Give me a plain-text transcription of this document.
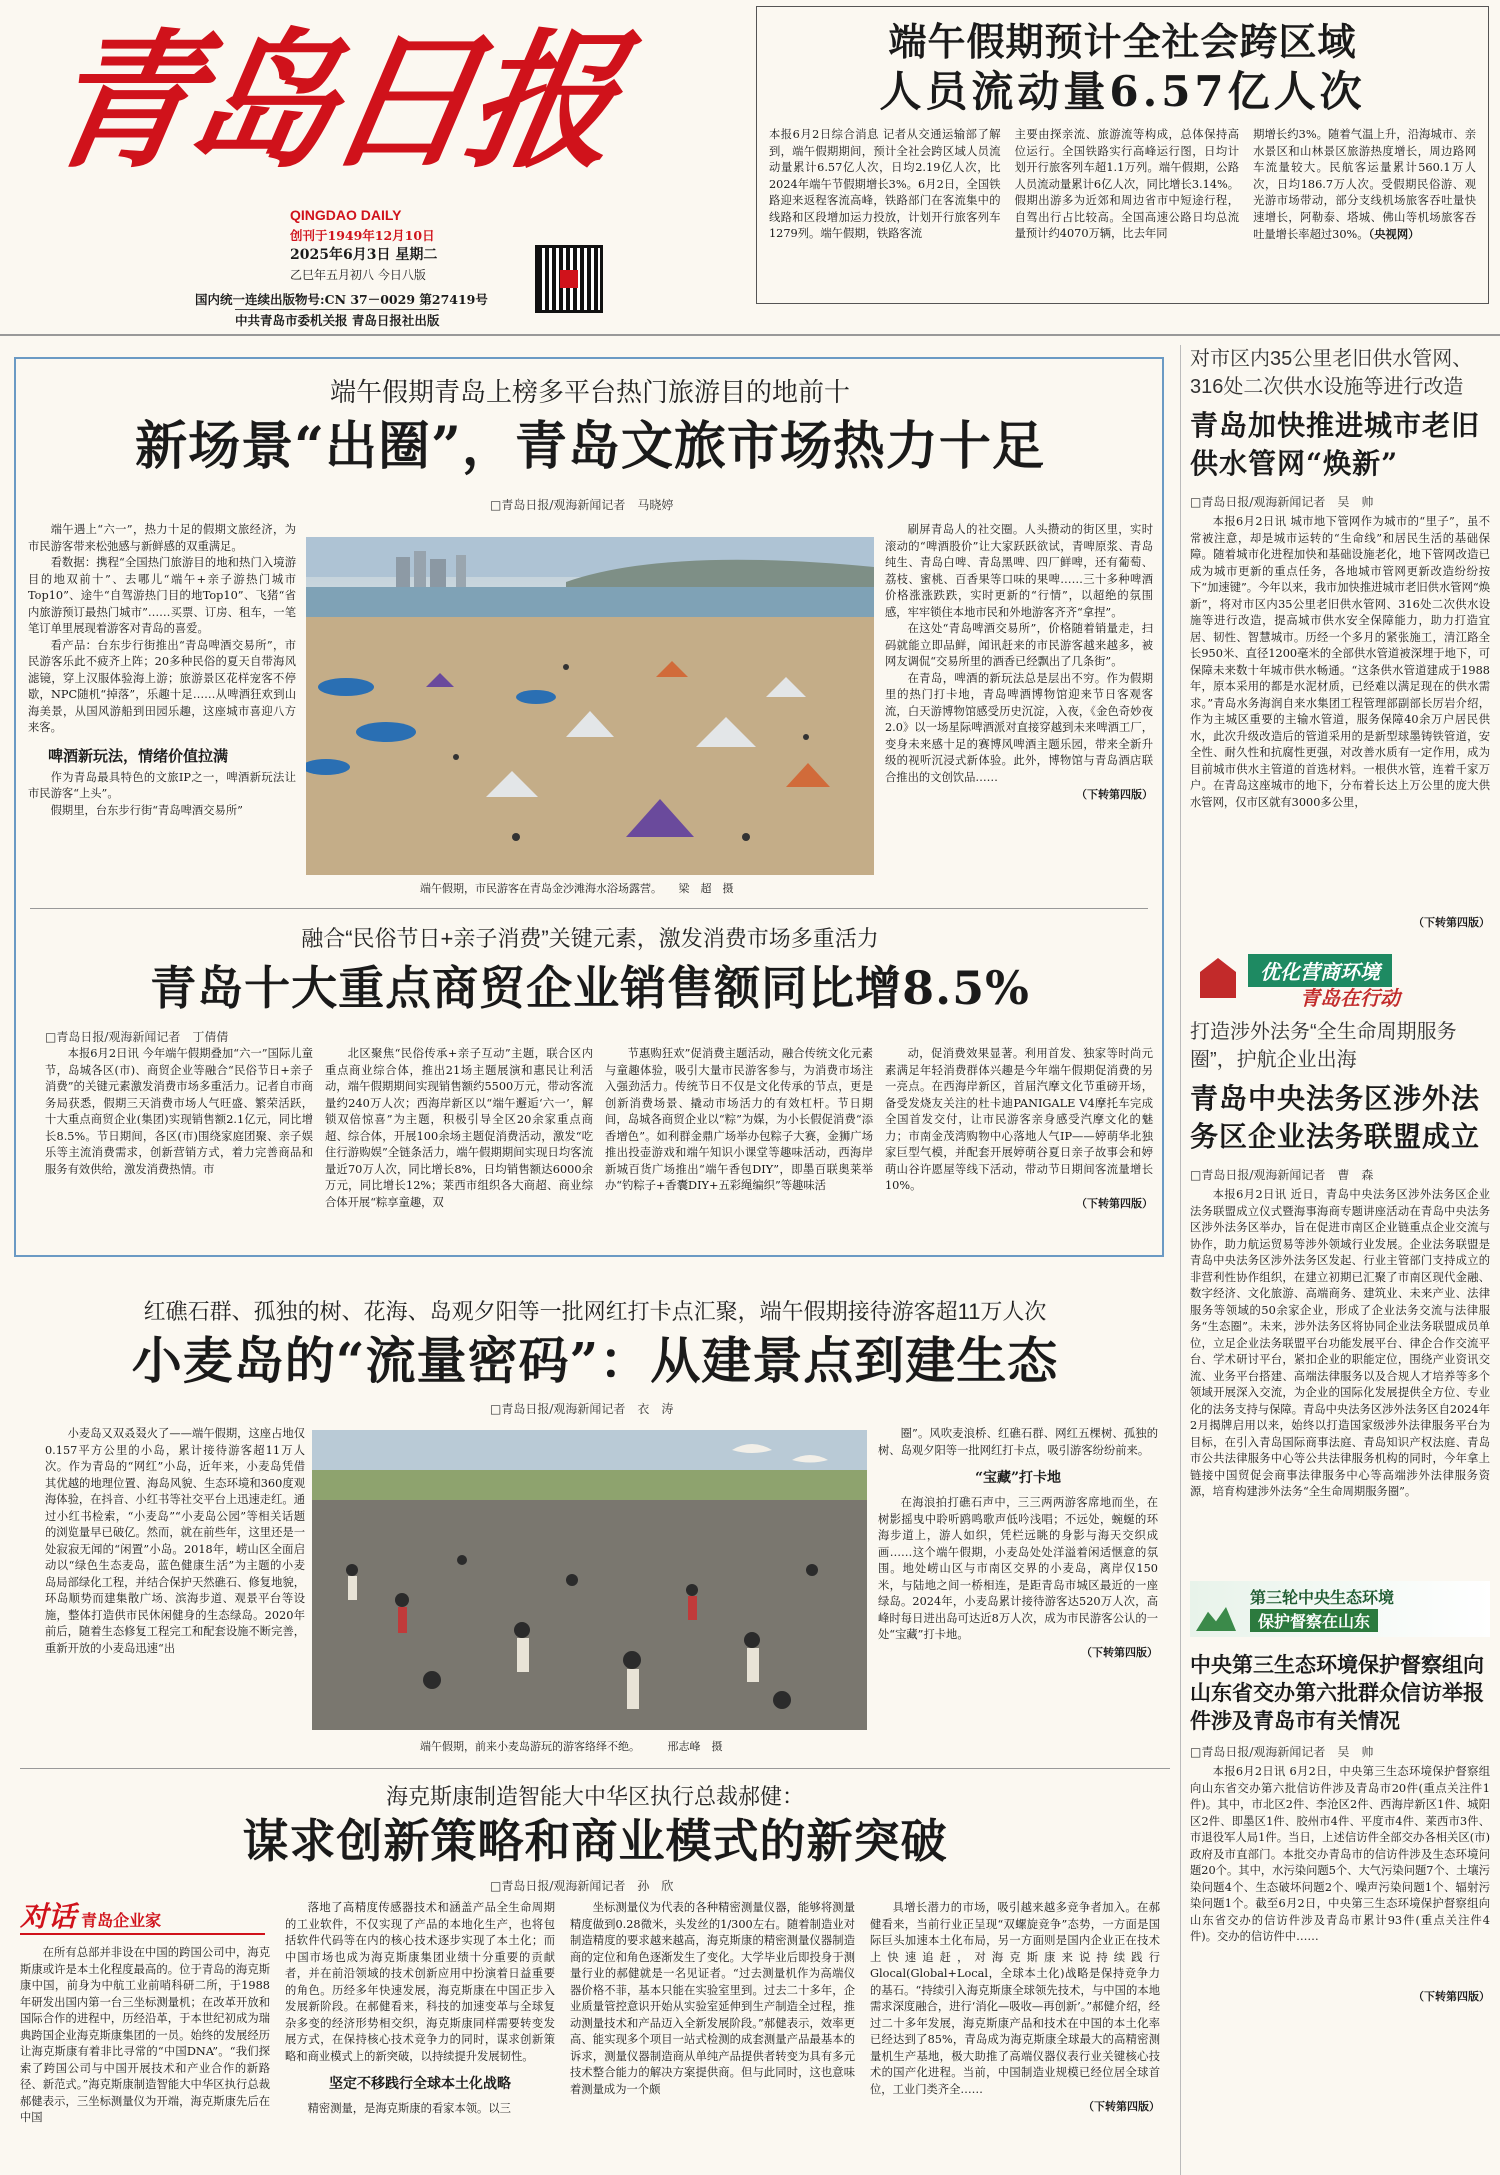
青岛日报
QINGDAO DAILY
创刊于1949年12月10日
2025年6月3日 星期二
乙巳年五月初八 今日八版
国内统一连续出版物号:CN 37－0029 第27419号
中共青岛市委机关报 青岛日报社出版
端午假期预计全社会跨区域
人员流动量6.57亿人次

本报6月2日综合消息 记者从交通运输部了解到，端午假期期间，预计全社会跨区域人员流动量累计6.57亿人次，日均2.19亿人次，比2024年端午节假期增长3%。6月2日，全国铁路迎来返程客流高峰，铁路部门在客流集中的线路和区段增加运力投放，计划开行旅客列车1279列。端午假期，铁路客流

主要由探亲流、旅游流等构成，总体保持高位运行。全国铁路实行高峰运行图，日均计划开行旅客列车超1.1万列。端午假期，公路人员流动量累计6亿人次，同比增长3.14%。假期出游多为近郊和周边省市中短途行程，自驾出行占比较高。全国高速公路日均总流量预计约4070万辆，比去年同

期增长约3%。随着气温上升，沿海城市、亲水景区和山林景区旅游热度增长，周边路网车流量较大。民航客运量累计560.1万人次，日均186.7万人次。受假期民俗游、观光游市场带动，部分支线机场旅客吞吐量快速增长，阿勒泰、塔城、佛山等机场旅客吞吐量增长率超过30%。（央视网）

端午假期青岛上榜多平台热门旅游目的地前十
新场景“出圈”，青岛文旅市场热力十足
□青岛日报/观海新闻记者　马晓婷

端午遇上“六一”，热力十足的假期文旅经济，为市民游客带来松弛感与新鲜感的双重满足。

看数据：携程“全国热门旅游目的地和热门入境游目的地双前十”、去哪儿“端午+亲子游热门城市Top10”、途牛“自驾游热门目的地Top10”、飞猪“省内旅游预订最热门城市”……买票、订房、租车，一笔笔订单里展现着游客对青岛的喜爱。

看产品：台东步行街推出“青岛啤酒交易所”，市民游客乐此不疲齐上阵；20多种民俗的夏天自带海风滤镜，穿上汉服体验海上游；旅游景区花样宠客不停歇，NPC随机“掉落”，乐趣十足……从啤酒狂欢到山海美景，从国风游船到田园乐趣，这座城市喜迎八方来客。

啤酒新玩法，情绪价值拉满

作为青岛最具特色的文旅IP之一，啤酒新玩法让市民游客“上头”。

假期里，台东步行街“青岛啤酒交易所”

端午假期，市民游客在青岛金沙滩海水浴场露营。　　梁　超　摄

刷屏青岛人的社交圈。人头攒动的街区里，实时滚动的“啤酒股价”让大家跃跃欲试，青啤原浆、青岛纯生、青岛白啤、青岛黑啤、四厂鲜啤，还有葡萄、荔枝、蜜桃、百香果等口味的果啤……三十多种啤酒价格涨涨跌跌，实时更新的“行情”，以超绝的氛围感，牢牢锁住本地市民和外地游客齐齐“拿捏”。

在这处“青岛啤酒交易所”，价格随着销量走，扫码就能立即品鲜，闻讯赶来的市民游客越来越多，被网友调侃“交易所里的酒香已经飘出了几条街”。

在青岛，啤酒的新玩法总是层出不穷。作为假期里的热门打卡地，青岛啤酒博物馆迎来节日客观客流，白天游博物馆感受历史沉淀，入夜，《金色奇妙夜2.0》以一场星际啤酒派对直接穿越到未来啤酒工厂，变身未来感十足的赛博风啤酒主题乐园，带来全新升级的视听沉浸式新体验。此外，博物馆与青岛酒店联合推出的文创饮品……

（下转第四版）
融合“民俗节日+亲子消费”关键元素，激发消费市场多重活力
青岛十大重点商贸企业销售额同比增8.5%
□青岛日报/观海新闻记者　丁倩倩

本报6月2日讯 今年端午假期叠加“六一”国际儿童节，岛城各区(市)、商贸企业等融合“民俗节日+亲子消费”的关键元素激发消费市场多重活力。记者自市商务局获悉，假期三天消费市场人气旺盛、繁荣活跃，十大重点商贸企业(集团)实现销售额2.1亿元，同比增长8.5%。节日期间，各区(市)围绕家庭团聚、亲子娱乐等主流消费需求，创新营销方式，着力完善商品和服务有效供给，激发消费热情。市

北区聚焦“民俗传承+亲子互动”主题，联合区内重点商业综合体，推出21场主题展演和惠民让利活动，端午假期期间实现销售额约5500万元，带动客流量约240万人次；西海岸新区以“端午邂逅‘六一’，解锁双倍惊喜”为主题，积极引导全区20余家重点商超、综合体，开展100余场主题促消费活动，激发“吃住行游购娱”全链条活力，端午假期期间实现日均客流量近70万人次，同比增长8%，日均销售额达6000余万元，同比增长12%；莱西市组织各大商超、商业综合体开展“粽享童趣，双

节惠购狂欢”促消费主题活动，融合传统文化元素与童趣体验，吸引大量市民游客参与，为消费市场注入强劲活力。传统节日不仅是文化传承的节点，更是创新消费场景、撬动市场活力的有效杠杆。节日期间，岛城各商贸企业以“粽”为媒，为小长假促消费“添香增色”。如利群金鼎广场举办包粽子大赛，金狮广场推出投壶游戏和端午知识小课堂等趣味活动，西海岸新城百货广场推出“端午香包DIY”，即墨百联奥莱举办“钓粽子+香囊DIY+五彩绳编织”等趣味活

动，促消费效果显著。利用首发、独家等时尚元素满足年轻消费群体兴趣是今年端午假期促消费的另一亮点。在西海岸新区，首届汽摩文化节重磅开场，备受发烧友关注的杜卡迪PANIGALE V4摩托车完成全国首发交付，让市民游客亲身感受汽摩文化的魅力；市南金茂湾购物中心落地人气IP——婷萌华北独家巨型气模，并配套开展婷萌谷夏日亲子故事会和婷萌山谷许愿屋等线下活动，带动节日期间客流量增长10%。

（下转第四版）
红礁石群、孤独的树、花海、岛观夕阳等一批网红打卡点汇聚，端午假期接待游客超11万人次
小麦岛的“流量密码”：从建景点到建生态
□青岛日报/观海新闻记者　衣　涛

小麦岛又双叒叕火了——端午假期，这座占地仅0.157平方公里的小岛，累计接待游客超11万人次。作为青岛的“网红”小岛，近年来，小麦岛凭借其优越的地理位置、海岛风貌、生态环境和360度观海体验，在抖音、小红书等社交平台上迅速走红。通过小红书检索，“小麦岛”“小麦岛公园”等相关话题的浏览量早已破亿。然而，就在前些年，这里还是一处寂寂无闻的“闲置”小岛。2018年，崂山区全面启动以“绿色生态麦岛，蓝色健康生活”为主题的小麦岛局部绿化工程，并结合保护天然礁石、修复地貌，环岛顺势而建集散广场、滨海步道、观景平台等设施，整体打造供市民休闲健身的生态绿岛。2020年前后，随着生态修复工程完工和配套设施不断完善，重新开放的小麦岛迅速“出

端午假期，前来小麦岛游玩的游客络绎不绝。　　　邢志峰　摄

圈”。风吹麦浪桥、红礁石群、网红五棵树、孤独的树、岛观夕阳等一批网红打卡点，吸引游客纷纷前来。

“宝藏”打卡地

在海浪拍打礁石声中，三三两两游客席地而坐，在树影摇曳中聆听鸥鸣歌声低吟浅唱；不远处，蜿蜒的环海步道上，游人如织，凭栏远眺的身影与海天交织成画……这个端午假期，小麦岛处处洋溢着闲适惬意的氛围。地处崂山区与市南区交界的小麦岛，离岸仅150米，与陆地之间一桥相连，是距青岛市城区最近的一座绿岛。2024年，小麦岛累计接待游客达520万人次，高峰时每日进出岛可达近8万人次，成为市民游客公认的一处“宝藏”打卡地。

（下转第四版）
海克斯康制造智能大中华区执行总裁郝健：
谋求创新策略和商业模式的新突破
□青岛日报/观海新闻记者　孙　欣
对话 青岛企业家

在所有总部并非设在中国的跨国公司中，海克斯康或许是本土化程度最高的。位于青岛的海克斯康中国，前身为中航工业前哨科研二所，于1988年研发出国内第一台三坐标测量机；在改革开放和国际合作的进程中，历经沿革，于本世纪初成为瑞典跨国企业海克斯康集团的一员。始终的发展经历让海克斯康有着非比寻常的“中国DNA”。“我们探索了跨国公司与中国开展技术和产业合作的新路径、新范式。”海克斯康制造智能大中华区执行总裁郝健表示，三坐标测量仪为开端，海克斯康先后在中国

落地了高精度传感器技术和涵盖产品全生命周期的工业软件，不仅实现了产品的本地化生产，也将包括软件代码等在内的核心技术逐步实现了本土化；而中国市场也成为海克斯康集团业绩十分重要的贡献者，并在前沿领域的技术创新应用中扮演着日益重要的角色。历经多年快速发展，海克斯康在中国正步入发展新阶段。在郝健看来，科技的加速变革与全球复杂多变的经济形势相交织，海克斯康同样需要转变发展方式，在保持核心技术竞争力的同时，谋求创新策略和商业模式上的新突破，以持续提升发展韧性。

坚定不移践行全球本土化战略

精密测量，是海克斯康的看家本领。以三

坐标测量仪为代表的各种精密测量仪器，能够将测量精度做到0.28微米，头发丝的1/300左右。随着制造业对制造精度的要求越来越高，海克斯康的精密测量仪器制造商的定位和角色逐渐发生了变化。大学毕业后即投身于测量行业的郝健就是一名见证者。“过去测量机作为高端仪器价格不菲，基本只能在实验室里到。过去二十多年，企业质量管控意识开始从实验室延伸到生产制造全过程，推动测量技术和产品迈入全新发展阶段。”郝健表示，效率更高、能实现多个项目一站式检测的成套测量产品最基本的诉求，测量仪器制造商从单纯产品提供者转变为具有多元技术整合能力的解决方案提供商。但与此同时，这也意味着测量成为一个颇

具增长潜力的市场，吸引越来越多竞争者加入。在郝健看来，当前行业正呈现“双螺旋竞争”态势，一方面是国际巨头加速本土化布局，另一方面则是国内企业正在技术上快速追赶，对海克斯康来说持续践行Glocal(Global+Local，全球本土化)战略是保持竞争力的基石。“持续引入海克斯康全球领先技术，与中国的本地需求深度融合，进行‘消化—吸收—再创新’。”郝健介绍，经过二十多年发展，海克斯康产品和技术在中国的本土化率已经达到了85%，青岛成为海克斯康全球最大的高精密测量机生产基地，极大助推了高端仪器仪表行业关键核心技术的国产化进程。当前，中国制造业规模已经位居全球首位，工业门类齐全……

（下转第四版）
对市区内35公里老旧供水管网、316处二次供水设施等进行改造
青岛加快推进城市老旧供水管网“焕新”
□青岛日报/观海新闻记者　吴　帅

本报6月2日讯 城市地下管网作为城市的“里子”，虽不常被注意，却是城市运转的“生命线”和居民生活的基础保障。随着城市化进程加快和基础设施老化，地下管网改造已成为城市更新的重点任务，各地城市管网更新改造纷纷按下“加速键”。今年以来，我市加快推进城市老旧供水管网“焕新”，将对市区内35公里老旧供水管网、316处二次供水设施等进行改造，提高城市供水安全保障能力，助力打造宜居、韧性、智慧城市。历经一个多月的紧张施工，清江路全长950米、直径1200毫米的全部供水管道被深埋于地下，可保障未来数十年城市供水畅通。“这条供水管道建成于1988年，原本采用的都是水泥材质，已经难以满足现在的供水需求。”青岛水务海润自来水集团工程管理部副部长厉岩介绍，作为主城区重要的主输水管道，服务保障40余万户居民供水，此次升级改造后的管道采用的是新型球墨铸铁管道，安全性、耐久性和抗腐性更强，对改善水质有一定作用，成为目前城市供水主管道的首选材料。一根供水管，连着千家万户。在青岛这座城市的地下，分布着长达上万公里的庞大供水管网，仅市区就有3000多公里，

（下转第四版）
优化营商环境
青岛在行动
打造涉外法务“全生命周期服务圈”，护航企业出海
青岛中央法务区涉外法务区企业法务联盟成立
□青岛日报/观海新闻记者　曹　森

本报6月2日讯 近日，青岛中央法务区涉外法务区企业法务联盟成立仪式暨海事海商专题讲座活动在青岛中央法务区涉外法务区举办，旨在促进市南区企业链重点企业交流与协作，助力航运贸易等涉外领域行业发展。企业法务联盟是青岛中央法务区涉外法务区发起、行业主管部门支持成立的非营利性协作组织，在建立初期已汇聚了市南区现代金融、数字经济、文化旅游、高端商务、建筑业、未来产业、法律服务等领域的50余家企业，形成了企业法务交流与法律服务“生态圈”。未来，涉外法务区将协同企业法务联盟成员单位，立足企业法务联盟平台功能发展平台、律企合作交流平台、学术研讨平台，紧扣企业的职能定位，围绕产业资讯交流、业务平台搭建、高端法律服务以及合规人才培养等多个领域开展深入交流，为企业的国际化发展提供全方位、专业化的法务支持与保障。青岛中央法务区涉外法务区自2024年2月揭牌启用以来，始终以打造国家级涉外法律服务平台为目标，在引入青岛国际商事法庭、青岛知识产权法庭、青岛市公共法律服务中心等公共法律服务机构的同时，今年拿上链接中国贸促会商事法律服务中心等高端涉外法律服务资源，培育构建涉外法务“全生命周期服务圈”。

第三轮中央生态环境
保护督察在山东
中央第三生态环境保护督察组向山东省交办第六批群众信访举报件涉及青岛市有关情况
□青岛日报/观海新闻记者　吴　帅

本报6月2日讯 6月2日，中央第三生态环境保护督察组向山东省交办第六批信访件涉及青岛市20件(重点关注件1件)。其中，市北区2件、李沧区2件、西海岸新区1件、城阳区2件、即墨区1件、胶州市4件、平度市4件、莱西市3件、市退役军人局1件。当日，上述信访件全部交办各相关区(市)政府及市直部门。本批交办青岛市的信访件涉及生态环境问题20个。其中，水污染问题5个、大气污染问题7个、土壤污染问题4个、生态破坏问题2个、噪声污染问题1个、辐射污染问题1个。截至6月2日，中央第三生态环境保护督察组向山东省交办的信访件涉及青岛市累计93件(重点关注件4件)。交办的信访件中……

（下转第四版）
